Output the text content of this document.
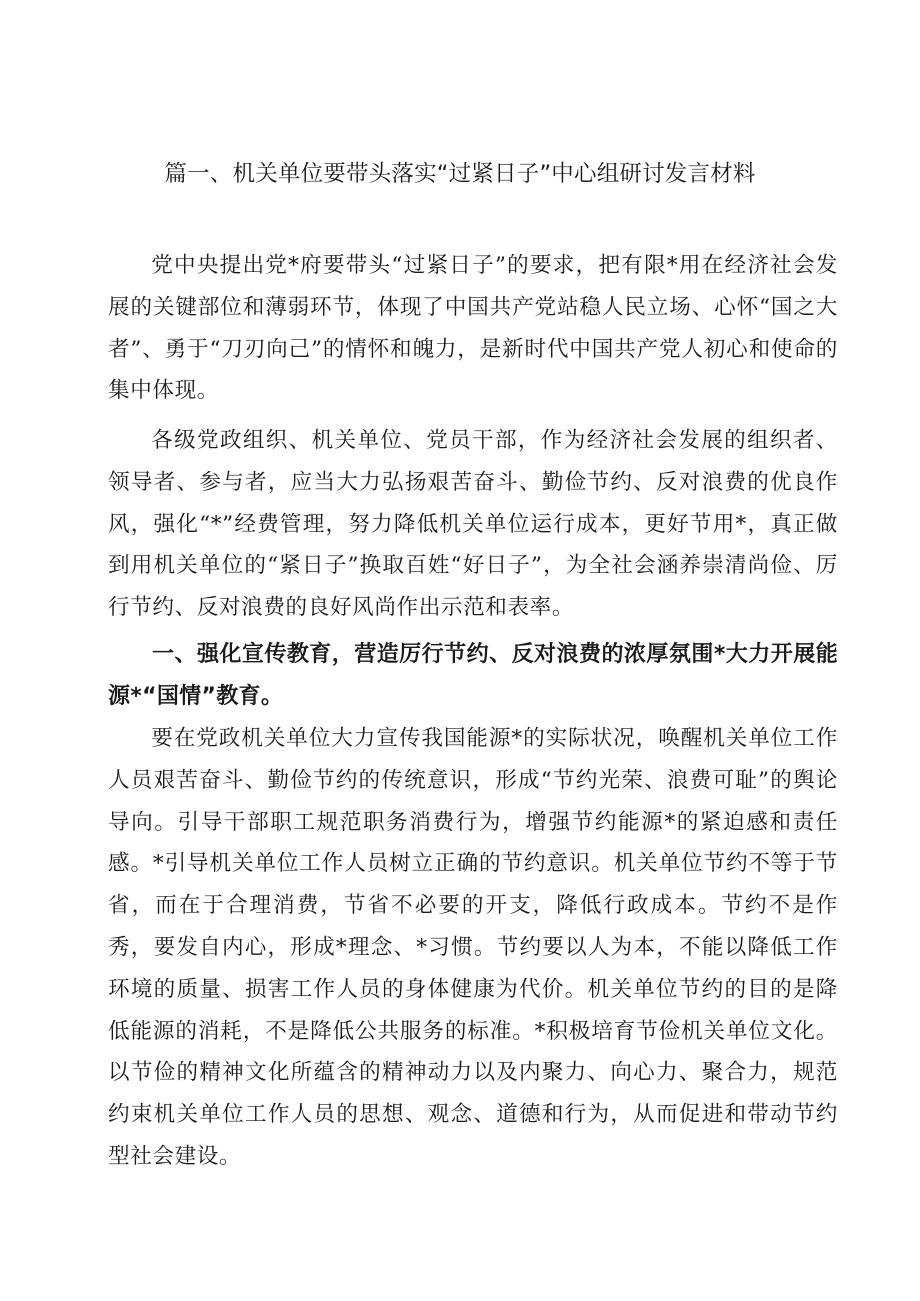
篇一、机关单位要带头落实“过紧日子”中心组研讨发言材料

党中央提出党*府要带头“过紧日子”的要求，把有限*用在经济社会发展的关键部位和薄弱环节，体现了中国共产党站稳人民立场、心怀“国之大者”、勇于“刀刃向己”的情怀和魄力，是新时代中国共产党人初心和使命的集中体现。

各级党政组织、机关单位、党员干部，作为经济社会发展的组织者、领导者、参与者，应当大力弘扬艰苦奋斗、勤俭节约、反对浪费的优良作风，强化“*”经费管理，努力降低机关单位运行成本，更好节用*，真正做到用机关单位的“紧日子”换取百姓“好日子”，为全社会涵养崇清尚俭、厉行节约、反对浪费的良好风尚作出示范和表率。

一、强化宣传教育，营造厉行节约、反对浪费的浓厚氛围*大力开展能源*“国情”教育。

要在党政机关单位大力宣传我国能源*的实际状况，唤醒机关单位工作人员艰苦奋斗、勤俭节约的传统意识，形成“节约光荣、浪费可耻”的舆论导向。引导干部职工规范职务消费行为，增强节约能源*的紧迫感和责任感。*引导机关单位工作人员树立正确的节约意识。机关单位节约不等于节省，而在于合理消费，节省不必要的开支，降低行政成本。节约不是作秀，要发自内心，形成*理念、*习惯。节约要以人为本，不能以降低工作环境的质量、损害工作人员的身体健康为代价。机关单位节约的目的是降低能源的消耗，不是降低公共服务的标准。*积极培育节俭机关单位文化。以节俭的精神文化所蕴含的精神动力以及内聚力、向心力、聚合力，规范约束机关单位工作人员的思想、观念、道德和行为，从而促进和带动节约型社会建设。
